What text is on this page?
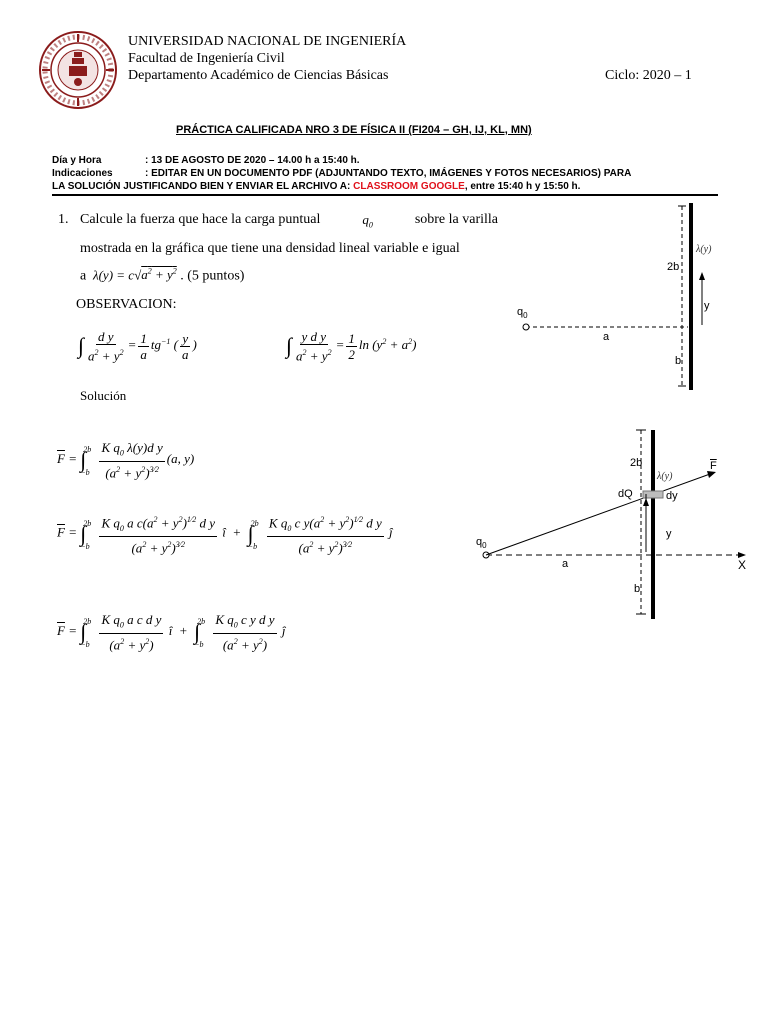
UNIVERSIDAD NACIONAL DE INGENIERÍA
Facultad de Ingeniería Civil
Departamento Académico de Ciencias Básicas	Ciclo: 2020 – 1
PRÁCTICA CALIFICADA NRO 3 DE FÍSICA II (FI204 – GH, IJ, KL, MN)
Día y Hora	: 13 DE AGOSTO DE 2020 – 14.00 h a 15:40 h.
Indicaciones	: EDITAR EN UN DOCUMENTO PDF (ADJUNTANDO TEXTO, IMÁGENES Y FOTOS NECESARIOS) PARA
LA SOLUCIÓN JUSTIFICANDO BIEN Y ENVIAR EL ARCHIVO A: CLASSROOM GOOGLE, entre 15:40 h y 15:50 h.
1. Calcule la fuerza que hace la carga puntual	$q_0$	sobre la varilla
mostrada en la gráfica que tiene una densidad lineal variable e igual
a  $\lambda(y) = c√a^2 + y^2$ . (5 puntos)
OBSERVACION:
∫ $\frac{\text{d y}}{a^2 + y^2} = \frac{1}{a} tg^{-1}$ ( $\frac{y}{a}$ )	∫ $\frac{\text{y d y}}{a^2 + y^2} = \frac{1}{2}$ $\ln (y^2 + a^2)$
Solución
$\overline{F}$ = ∫
2b
−b
$\frac{K q_0 \lambda(y)d y}{(a^2 + y^2)^{3⁄2}} (a$, y)
$\overline{F}$ = ∫
2b
−b
$\frac{K q_0 a c(a^2 + y^2)^{1⁄2} d y}{(a^2 + y^2)^{3⁄2}}$ î  +  ∫
2b
−b
$\frac{K q_0 c y(a^2 + y^2)^{1⁄2} d y}{(a^2 + y^2)^{3⁄2}}$ ĵ
$\overline{F}$ = ∫
2b
−b
$\frac{K q_0 a c d y}{(a^2 + y^2)}$ î  +  ∫
2b
−b
$\frac{K q_0 c y d y}{(a^2 + y^2)}$ ĵ
$q_0$
a
2b
b
y
λ(y)
$q_0$
a
2b
b
y
dy
dQ
$\overline{F}$
X
λ(y)
